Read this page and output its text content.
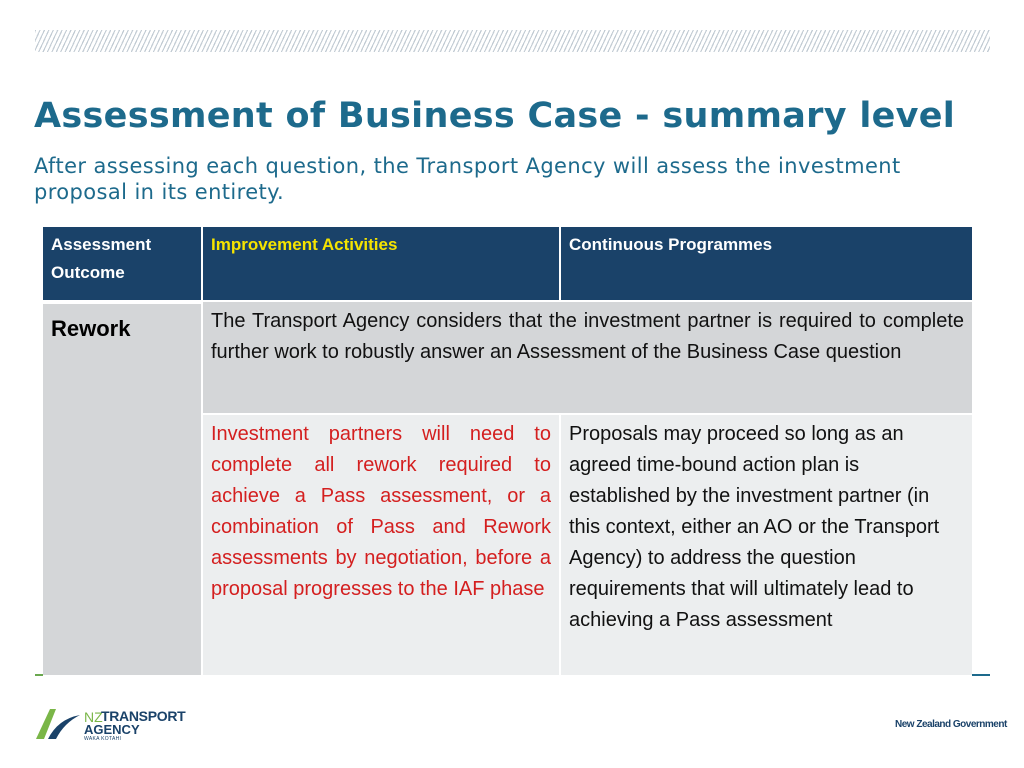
Assessment of Business Case - summary level

After assessing each question, the Transport Agency will assess the investment proposal in its entirety.

Assessment Outcome
Improvement Activities	Continuous Programmes
Rework	The Transport Agency considers that the investment partner is required to complete further work to robustly answer an Assessment of the Business Case question
Investment partners will need to complete all rework required to achieve a Pass assessment, or a combination of Pass and Rework assessments by negotiation, before a proposal progresses to the IAF phase
Proposals may proceed so long as an agreed time-bound action plan is established by the investment partner (in this context, either an AO or the Transport Agency) to address the question requirements that will ultimately lead to achieving a Pass assessment
NZ
TRANSPORT
AGENCY
WAKA KOTAHI
New Zealand Government
